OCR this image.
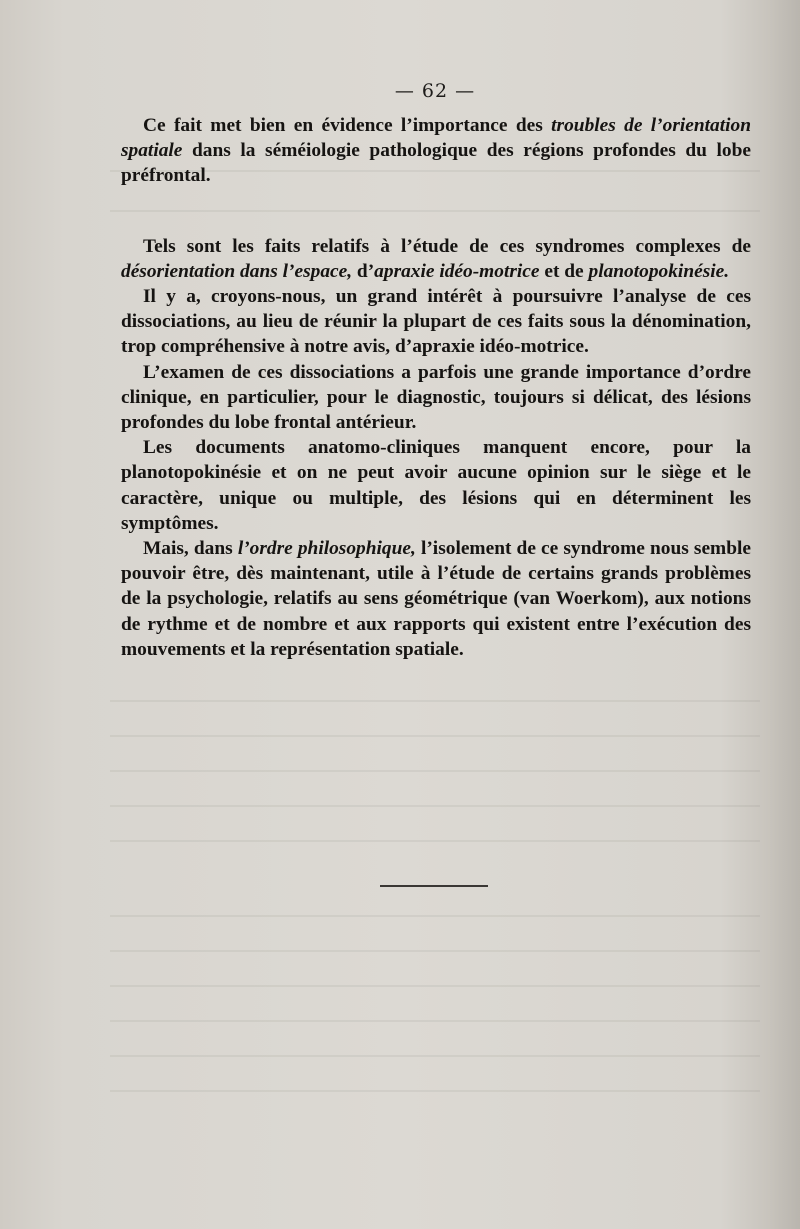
— 62 —

Ce fait met bien en évidence l’importance des troubles de l’orientation spatiale dans la séméiologie pathologique des régions profondes du lobe préfrontal.

Tels sont les faits relatifs à l’étude de ces syndromes complexes de désorientation dans l’espace, d’apraxie idéo-motrice et de planotopokinésie.

Il y a, croyons-nous, un grand intérêt à poursuivre l’analyse de ces dissociations, au lieu de réunir la plupart de ces faits sous la dénomination, trop compréhensive à notre avis, d’apraxie idéo-motrice.

L’examen de ces dissociations a parfois une grande importance d’ordre clinique, en particulier, pour le diagnostic, toujours si délicat, des lésions profondes du lobe frontal antérieur.

Les documents anatomo-cliniques manquent encore, pour la planotopokinésie et on ne peut avoir aucune opinion sur le siège et le caractère, unique ou multiple, des lésions qui en déterminent les symptômes.

Mais, dans l’ordre philosophique, l’isolement de ce syndrome nous semble pouvoir être, dès maintenant, utile à l’étude de certains grands problèmes de la psychologie, relatifs au sens géométrique (van Woerkom), aux notions de rythme et de nombre et aux rapports qui existent entre l’exécution des mouvements et la représentation spatiale.
